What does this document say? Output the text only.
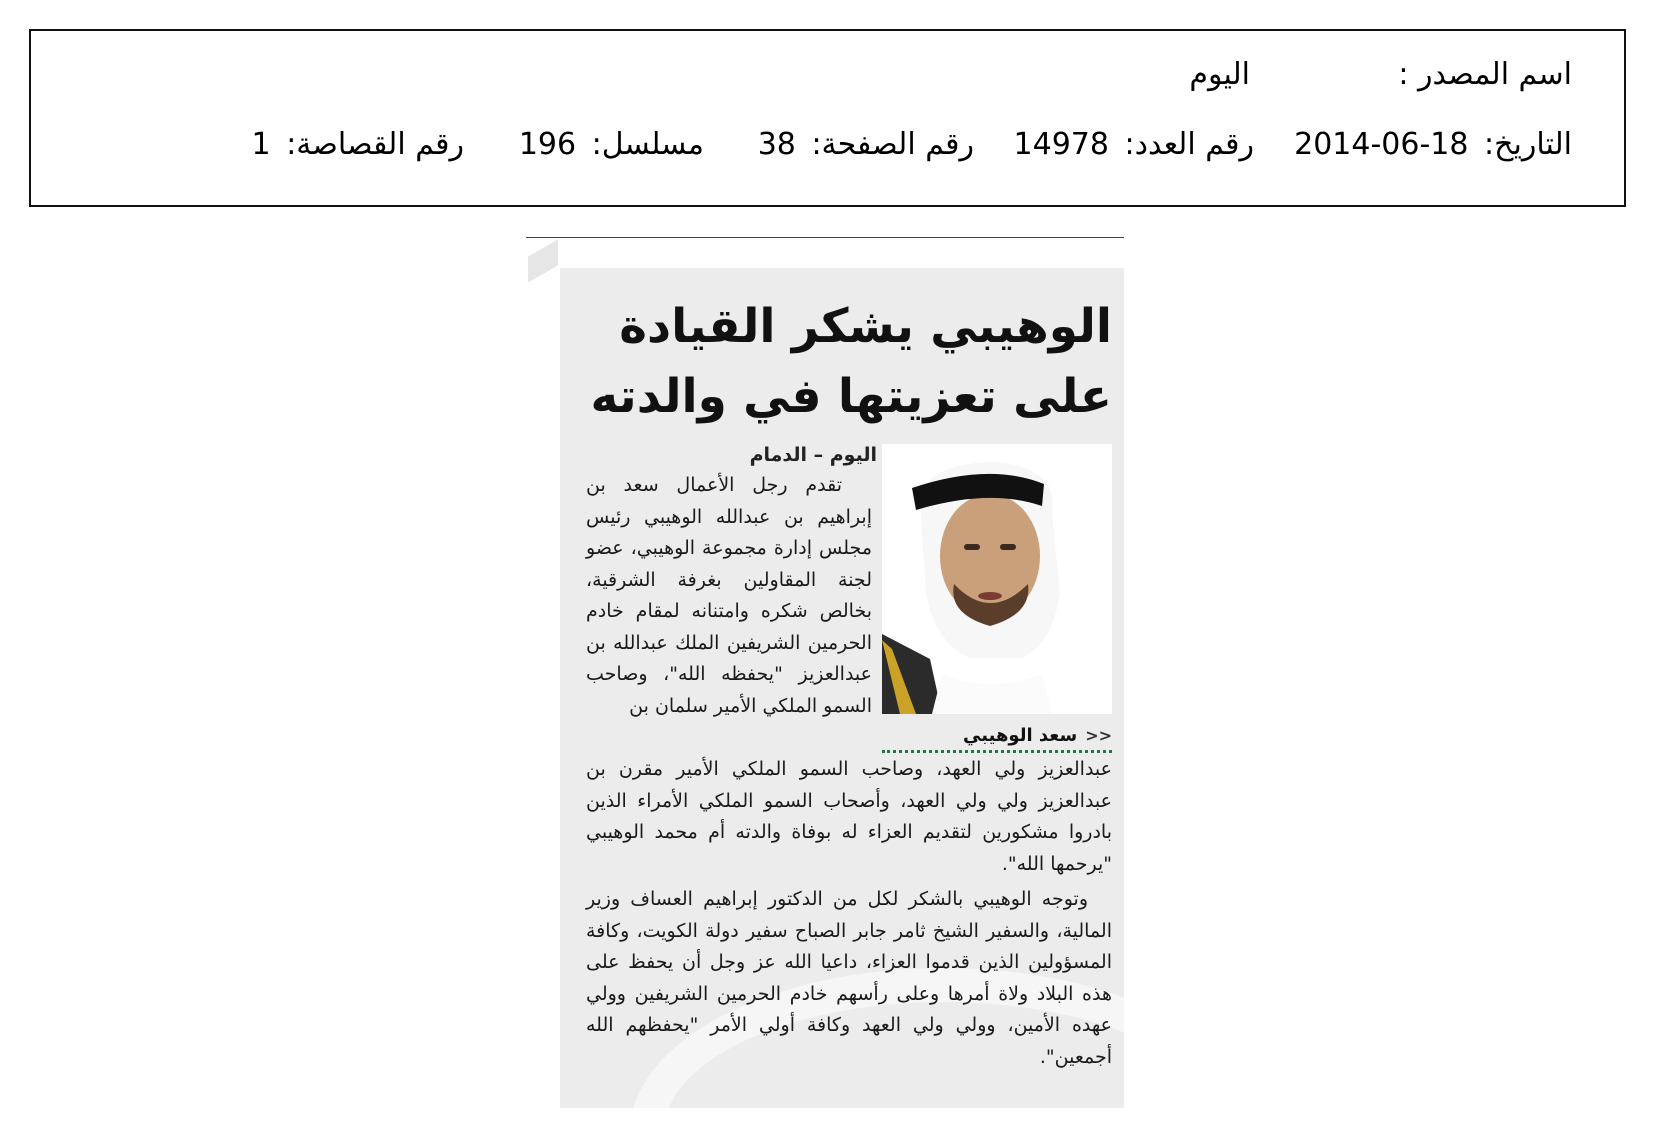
اسم المصدر :
اليوم
التاريخ: 2014-06-18
رقم العدد: 14978
رقم الصفحة: 38
مسلسل: 196
رقم القصاصة: 1
الوهيبي يشكر القيادة على تعزيتها في والدته
اليوم – الدمام
>>
سعد الوهيبي

تقدم رجل الأعمال سعد بن إبراهيم بن عبدالله الوهيبي رئيس مجلس إدارة مجموعة الوهيبي، عضو لجنة المقاولين بغرفة الشرقية، بخالص شكره وامتنانه لمقام خادم الحرمين الشريفين الملك عبدالله بن عبدالعزيز "يحفظه الله"، وصاحب السمو الملكي الأمير سلمان بن

عبدالعزيز ولي العهد، وصاحب السمو الملكي الأمير مقرن بن عبدالعزيز ولي ولي العهد، وأصحاب السمو الملكي الأمراء الذين بادروا مشكورين لتقديم العزاء له بوفاة والدته أم محمد الوهيبي "يرحمها الله".

وتوجه الوهيبي بالشكر لكل من الدكتور إبراهيم العساف وزير المالية، والسفير الشيخ ثامر جابر الصباح سفير دولة الكويت، وكافة المسؤولين الذين قدموا العزاء، داعيا الله عز وجل أن يحفظ على هذه البلاد ولاة أمرها وعلى رأسهم خادم الحرمين الشريفين وولي عهده الأمين، وولي ولي العهد وكافة أولي الأمر "يحفظهم الله أجمعين".
